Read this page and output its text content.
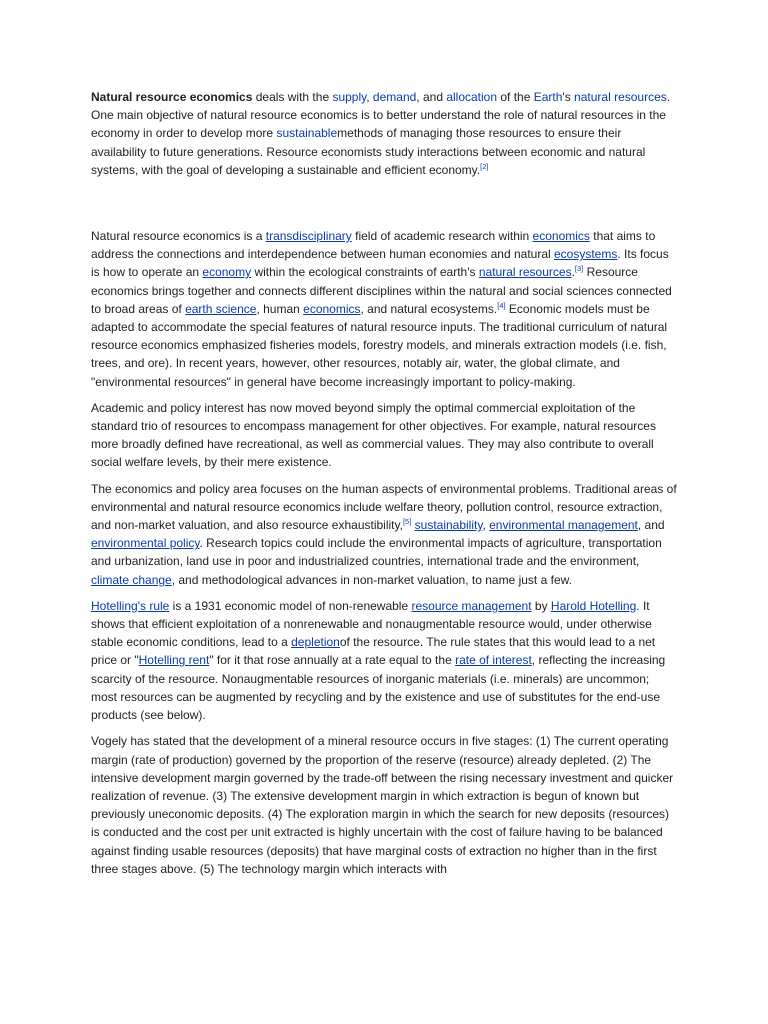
Natural resource economics deals with the supply, demand, and allocation of the Earth's natural resources. One main objective of natural resource economics is to better understand the role of natural resources in the economy in order to develop more sustainablemethods of managing those resources to ensure their availability to future generations. Resource economists study interactions between economic and natural systems, with the goal of developing a sustainable and efficient economy.[2]

Natural resource economics is a transdisciplinary field of academic research within economics that aims to address the connections and interdependence between human economies and natural ecosystems. Its focus is how to operate an economy within the ecological constraints of earth's natural resources.[3] Resource economics brings together and connects different disciplines within the natural and social sciences connected to broad areas of earth science, human economics, and natural ecosystems.[4] Economic models must be adapted to accommodate the special features of natural resource inputs. The traditional curriculum of natural resource economics emphasized fisheries models, forestry models, and minerals extraction models (i.e. fish, trees, and ore). In recent years, however, other resources, notably air, water, the global climate, and "environmental resources" in general have become increasingly important to policy-making.

Academic and policy interest has now moved beyond simply the optimal commercial exploitation of the standard trio of resources to encompass management for other objectives. For example, natural resources more broadly defined have recreational, as well as commercial values. They may also contribute to overall social welfare levels, by their mere existence.

The economics and policy area focuses on the human aspects of environmental problems. Traditional areas of environmental and natural resource economics include welfare theory, pollution control, resource extraction, and non-market valuation, and also resource exhaustibility,[5] sustainability, environmental management, and environmental policy. Research topics could include the environmental impacts of agriculture, transportation and urbanization, land use in poor and industrialized countries, international trade and the environment, climate change, and methodological advances in non-market valuation, to name just a few.

Hotelling's rule is a 1931 economic model of non-renewable resource management by Harold Hotelling. It shows that efficient exploitation of a nonrenewable and nonaugmentable resource would, under otherwise stable economic conditions, lead to a depletionof the resource. The rule states that this would lead to a net price or "Hotelling rent" for it that rose annually at a rate equal to the rate of interest, reflecting the increasing scarcity of the resource. Nonaugmentable resources of inorganic materials (i.e. minerals) are uncommon; most resources can be augmented by recycling and by the existence and use of substitutes for the end-use products (see below).

Vogely has stated that the development of a mineral resource occurs in five stages: (1) The current operating margin (rate of production) governed by the proportion of the reserve (resource) already depleted. (2) The intensive development margin governed by the trade-off between the rising necessary investment and quicker realization of revenue. (3) The extensive development margin in which extraction is begun of known but previously uneconomic deposits. (4) The exploration margin in which the search for new deposits (resources) is conducted and the cost per unit extracted is highly uncertain with the cost of failure having to be balanced against finding usable resources (deposits) that have marginal costs of extraction no higher than in the first three stages above. (5) The technology margin which interacts with
